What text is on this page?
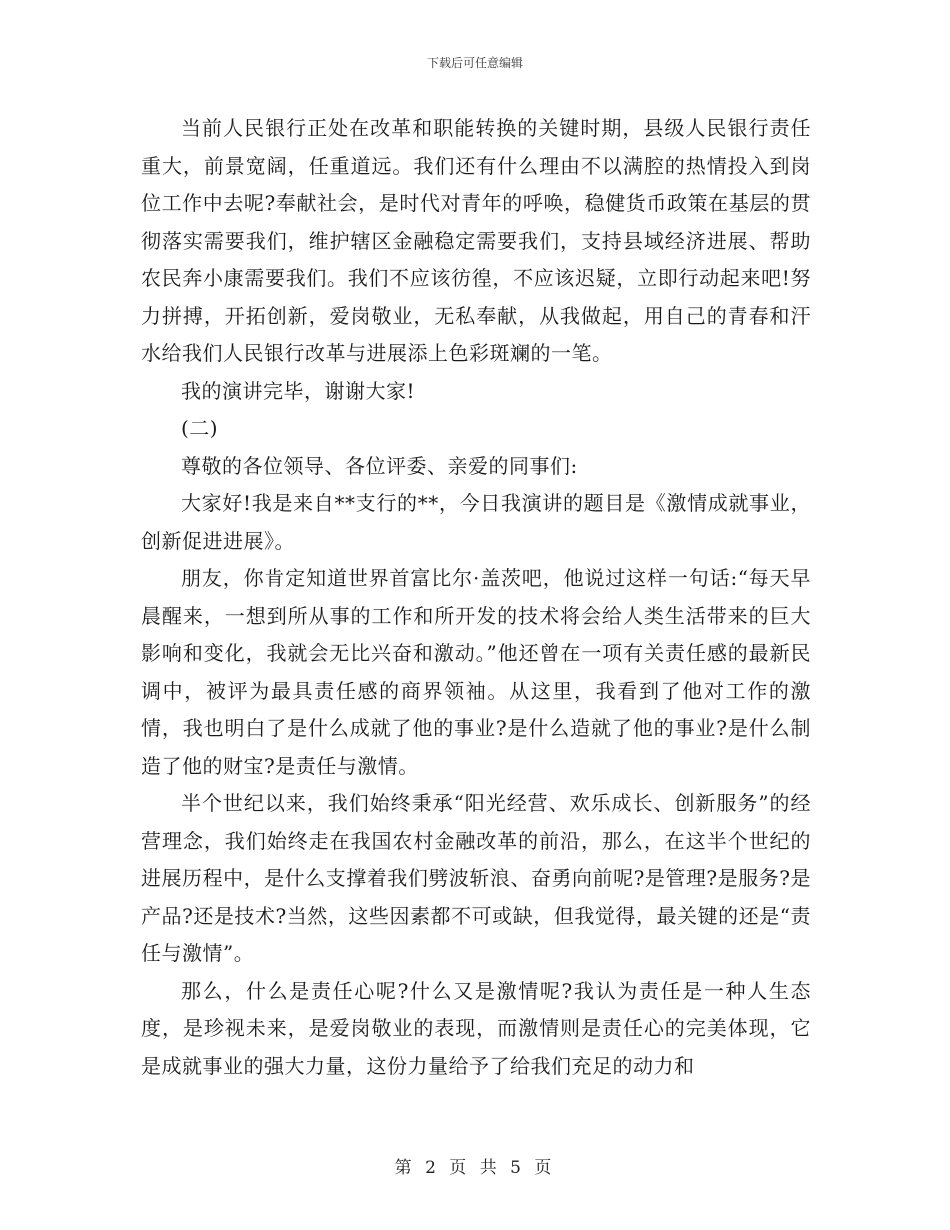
下载后可任意编辑

当前人民银行正处在改革和职能转换的关键时期，县级人民银行责任重大，前景宽阔，任重道远。我们还有什么理由不以满腔的热情投入到岗位工作中去呢?奉献社会，是时代对青年的呼唤，稳健货币政策在基层的贯彻落实需要我们，维护辖区金融稳定需要我们，支持县域经济进展、帮助农民奔小康需要我们。我们不应该彷徨，不应该迟疑，立即行动起来吧!努力拼搏，开拓创新，爱岗敬业，无私奉献，从我做起，用自己的青春和汗水给我们人民银行改革与进展添上色彩斑斓的一笔。

我的演讲完毕，谢谢大家!

(二)

尊敬的各位领导、各位评委、亲爱的同事们:

大家好!我是来自**支行的**，今日我演讲的题目是《激情成就事业，创新促进进展》。

朋友，你肯定知道世界首富比尔·盖茨吧，他说过这样一句话:“每天早晨醒来，一想到所从事的工作和所开发的技术将会给人类生活带来的巨大影响和变化，我就会无比兴奋和激动。”他还曾在一项有关责任感的最新民调中，被评为最具责任感的商界领袖。从这里，我看到了他对工作的激情，我也明白了是什么成就了他的事业?是什么造就了他的事业?是什么制造了他的财宝?是责任与激情。

半个世纪以来，我们始终秉承“阳光经营、欢乐成长、创新服务”的经营理念，我们始终走在我国农村金融改革的前沿，那么，在这半个世纪的进展历程中，是什么支撑着我们劈波斩浪、奋勇向前呢?是管理?是服务?是产品?还是技术?当然，这些因素都不可或缺，但我觉得，最关键的还是“责任与激情”。

那么，什么是责任心呢?什么又是激情呢?我认为责任是一种人生态度，是珍视未来，是爱岗敬业的表现，而激情则是责任心的完美体现，它是成就事业的强大力量，这份力量给予了给我们充足的动力和

第 2 页 共 5 页
